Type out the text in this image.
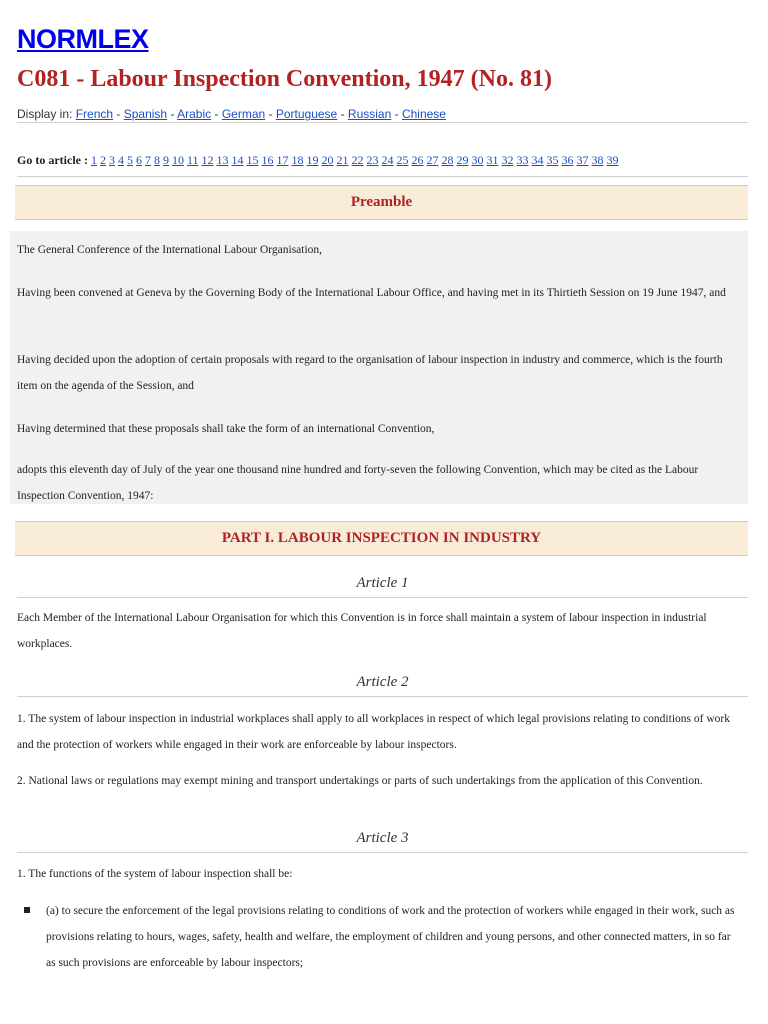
NORMLEX
C081 - Labour Inspection Convention, 1947 (No. 81)
Display in: French - Spanish - Arabic - German - Portuguese - Russian - Chinese
Go to article : 1 2 3 4 5 6 7 8 9 10 11 12 13 14 15 16 17 18 19 20 21 22 23 24 25 26 27 28 29 30 31 32 33 34 35 36 37 38 39
Preamble

The General Conference of the International Labour Organisation,

Having been convened at Geneva by the Governing Body of the International Labour Office, and having met in its Thirtieth Session on 19 June 1947, and

Having decided upon the adoption of certain proposals with regard to the organisation of labour inspection in industry and commerce, which is the fourth item on the agenda of the Session, and

Having determined that these proposals shall take the form of an international Convention,

adopts this eleventh day of July of the year one thousand nine hundred and forty-seven the following Convention, which may be cited as the Labour Inspection Convention, 1947:

PART I. LABOUR INSPECTION IN INDUSTRY
Article 1

Each Member of the International Labour Organisation for which this Convention is in force shall maintain a system of labour inspection in industrial workplaces.

Article 2

1. The system of labour inspection in industrial workplaces shall apply to all workplaces in respect of which legal provisions relating to conditions of work and the protection of workers while engaged in their work are enforceable by labour inspectors.

2. National laws or regulations may exempt mining and transport undertakings or parts of such undertakings from the application of this Convention.

Article 3

1. The functions of the system of labour inspection shall be:

(a) to secure the enforcement of the legal provisions relating to conditions of work and the protection of workers while engaged in their work, such as provisions relating to hours, wages, safety, health and welfare, the employment of children and young persons, and other connected matters, in so far as such provisions are enforceable by labour inspectors;
